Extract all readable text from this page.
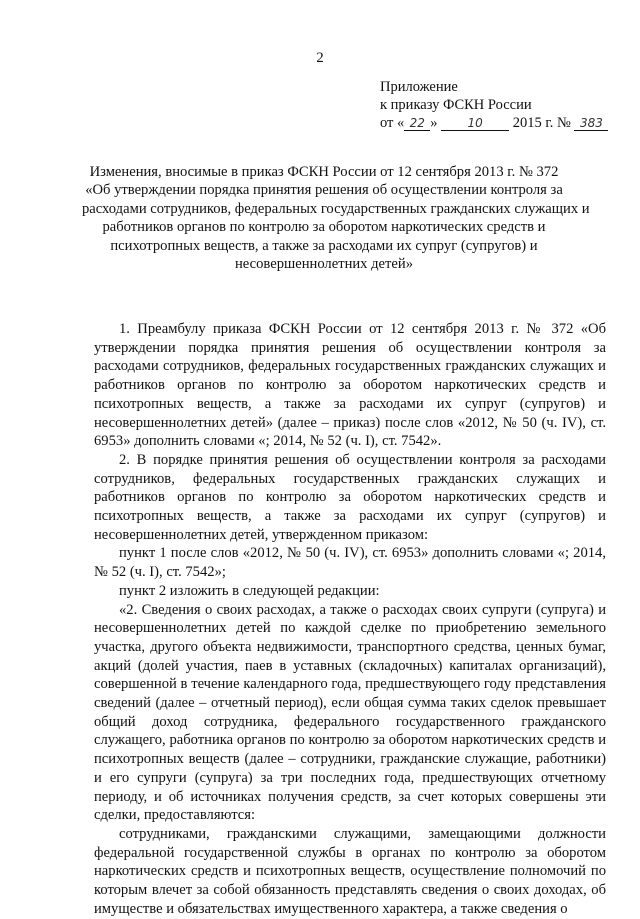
2
Приложение
к приказу ФСКН России
от « 22 » 10 2015 г. № 383
Изменения, вносимые в приказ ФСКН России от 12 сентября 2013 г. № 372
«Об утверждении порядка принятия решения об осуществлении контроля за
расходами сотрудников, федеральных государственных гражданских служащих и
работников органов по контролю за оборотом наркотических средств и
психотропных веществ, а также за расходами их супруг (супругов) и
несовершеннолетних детей»

1. Преамбулу приказа ФСКН России от 12 сентября 2013 г. № 372 «Об утверждении порядка принятия решения об осуществлении контроля за расходами сотрудников, федеральных государственных гражданских служащих и работников органов по контролю за оборотом наркотических средств и психотропных веществ, а также за расходами их супруг (супругов) и несовершеннолетних детей» (далее – приказ) после слов «2012, № 50 (ч. IV), ст. 6953» дополнить словами «; 2014, № 52 (ч. I), ст. 7542».

2. В порядке принятия решения об осуществлении контроля за расходами сотрудников, федеральных государственных гражданских служащих и работников органов по контролю за оборотом наркотических средств и психотропных веществ, а также за расходами их супруг (супругов) и несовершеннолетних детей, утвержденном приказом:

пункт 1 после слов «2012, № 50 (ч. IV), ст. 6953» дополнить словами «; 2014, № 52 (ч. I), ст. 7542»;

пункт 2 изложить в следующей редакции:

«2. Сведения о своих расходах, а также о расходах своих супруги (супруга) и несовершеннолетних детей по каждой сделке по приобретению земельного участка, другого объекта недвижимости, транспортного средства, ценных бумаг, акций (долей участия, паев в уставных (складочных) капиталах организаций), совершенной в течение календарного года, предшествующего году представления сведений (далее – отчетный период), если общая сумма таких сделок превышает общий доход сотрудника, федерального государственного гражданского служащего, работника органов по контролю за оборотом наркотических средств и психотропных веществ (далее – сотрудники, гражданские служащие, работники) и его супруги (супруга) за три последних года, предшествующих отчетному периоду, и об источниках получения средств, за счет которых совершены эти сделки, предоставляются:

сотрудниками, гражданскими служащими, замещающими должности федеральной государственной службы в органах по контролю за оборотом наркотических средств и психотропных веществ, осуществление полномочий по которым влечет за собой обязанность представлять сведения о своих доходах, об имуществе и обязательствах имущественного характера, а также сведения о
